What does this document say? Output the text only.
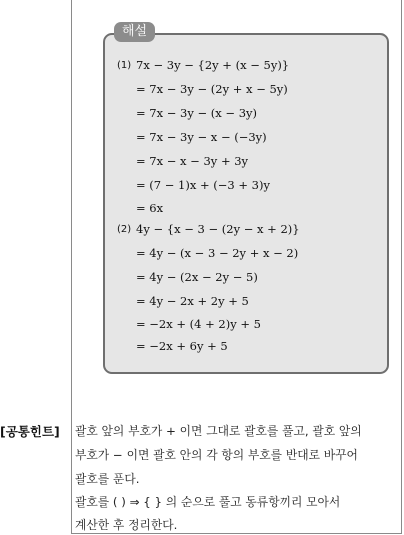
해설
(1) 7x − 3y − {2y + (x − 5y)}
= 7x − 3y − (2y + x − 5y)
= 7x − 3y − (x − 3y)
= 7x − 3y − x − (−3y)
= 7x − x − 3y + 3y
= (7 − 1)x + (−3 + 3)y
= 6x
(2) 4y − {x − 3 − (2y − x + 2)}
= 4y − (x − 3 − 2y + x − 2)
= 4y − (2x − 2y − 5)
= 4y − 2x + 2y + 5
= −2x + (4 + 2)y + 5
= −2x + 6y + 5
[공통힌트] 괄호 앞의 부호가 + 이면 그대로 괄호를 풀고, 괄호 앞의
부호가 − 이면 괄호 안의 각 항의 부호를 반대로 바꾸어
괄호를 푼다.
괄호를 ( ) ⇒ { } 의 순으로 풀고 동류항끼리 모아서
계산한 후 정리한다.
